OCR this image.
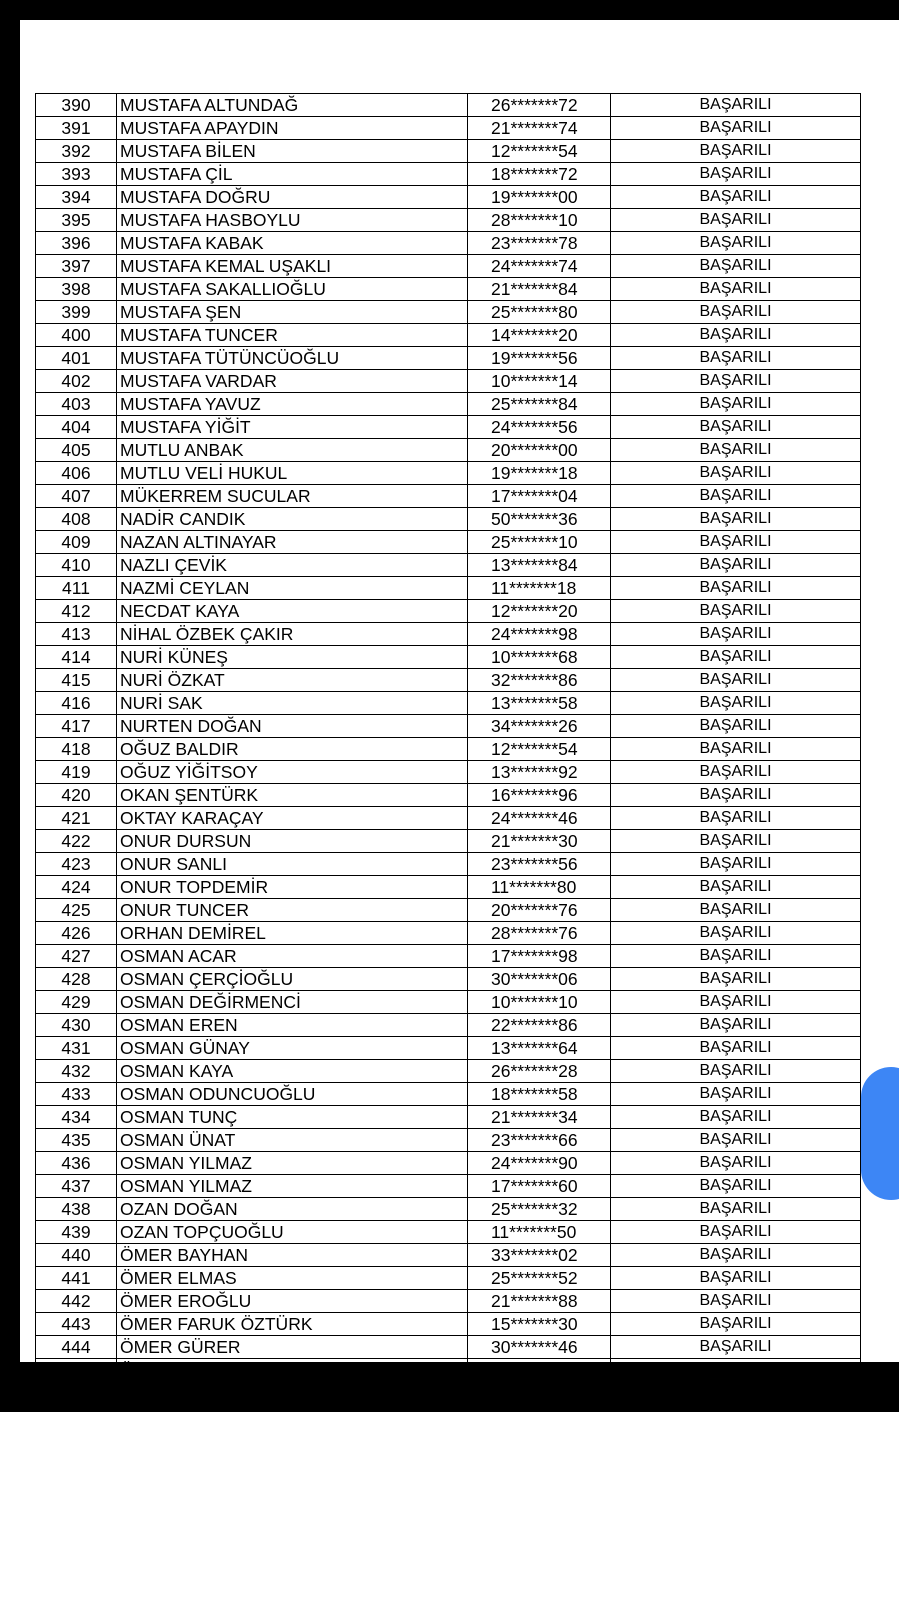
390	MUSTAFA ALTUNDAĞ	26*******72	BAŞARILI
391	MUSTAFA APAYDIN	21*******74	BAŞARILI
392	MUSTAFA BİLEN	12*******54	BAŞARILI
393	MUSTAFA ÇİL	18*******72	BAŞARILI
394	MUSTAFA DOĞRU	19*******00	BAŞARILI
395	MUSTAFA HASBOYLU	28*******10	BAŞARILI
396	MUSTAFA KABAK	23*******78	BAŞARILI
397	MUSTAFA KEMAL UŞAKLI	24*******74	BAŞARILI
398	MUSTAFA SAKALLIOĞLU	21*******84	BAŞARILI
399	MUSTAFA ŞEN	25*******80	BAŞARILI
400	MUSTAFA TUNCER	14*******20	BAŞARILI
401	MUSTAFA TÜTÜNCÜOĞLU	19*******56	BAŞARILI
402	MUSTAFA VARDAR	10*******14	BAŞARILI
403	MUSTAFA YAVUZ	25*******84	BAŞARILI
404	MUSTAFA YİĞİT	24*******56	BAŞARILI
405	MUTLU ANBAK	20*******00	BAŞARILI
406	MUTLU VELİ HUKUL	19*******18	BAŞARILI
407	MÜKERREM SUCULAR	17*******04	BAŞARILI
408	NADİR CANDIK	50*******36	BAŞARILI
409	NAZAN ALTINAYAR	25*******10	BAŞARILI
410	NAZLI ÇEVİK	13*******84	BAŞARILI
411	NAZMİ CEYLAN	11*******18	BAŞARILI
412	NECDAT KAYA	12*******20	BAŞARILI
413	NİHAL ÖZBEK ÇAKIR	24*******98	BAŞARILI
414	NURİ KÜNEŞ	10*******68	BAŞARILI
415	NURİ ÖZKAT	32*******86	BAŞARILI
416	NURİ SAK	13*******58	BAŞARILI
417	NURTEN DOĞAN	34*******26	BAŞARILI
418	OĞUZ BALDIR	12*******54	BAŞARILI
419	OĞUZ YİĞİTSOY	13*******92	BAŞARILI
420	OKAN ŞENTÜRK	16*******96	BAŞARILI
421	OKTAY KARAÇAY	24*******46	BAŞARILI
422	ONUR DURSUN	21*******30	BAŞARILI
423	ONUR SANLI	23*******56	BAŞARILI
424	ONUR TOPDEMİR	11*******80	BAŞARILI
425	ONUR TUNCER	20*******76	BAŞARILI
426	ORHAN DEMİREL	28*******76	BAŞARILI
427	OSMAN ACAR	17*******98	BAŞARILI
428	OSMAN ÇERÇİOĞLU	30*******06	BAŞARILI
429	OSMAN DEĞİRMENCİ	10*******10	BAŞARILI
430	OSMAN EREN	22*******86	BAŞARILI
431	OSMAN GÜNAY	13*******64	BAŞARILI
432	OSMAN KAYA	26*******28	BAŞARILI
433	OSMAN ODUNCUOĞLU	18*******58	BAŞARILI
434	OSMAN TUNÇ	21*******34	BAŞARILI
435	OSMAN ÜNAT	23*******66	BAŞARILI
436	OSMAN YILMAZ	24*******90	BAŞARILI
437	OSMAN YILMAZ	17*******60	BAŞARILI
438	OZAN DOĞAN	25*******32	BAŞARILI
439	OZAN TOPÇUOĞLU	11*******50	BAŞARILI
440	ÖMER BAYHAN	33*******02	BAŞARILI
441	ÖMER ELMAS	25*******52	BAŞARILI
442	ÖMER EROĞLU	21*******88	BAŞARILI
443	ÖMER FARUK ÖZTÜRK	15*******30	BAŞARILI
444	ÖMER GÜRER	30*******46	BAŞARILI
